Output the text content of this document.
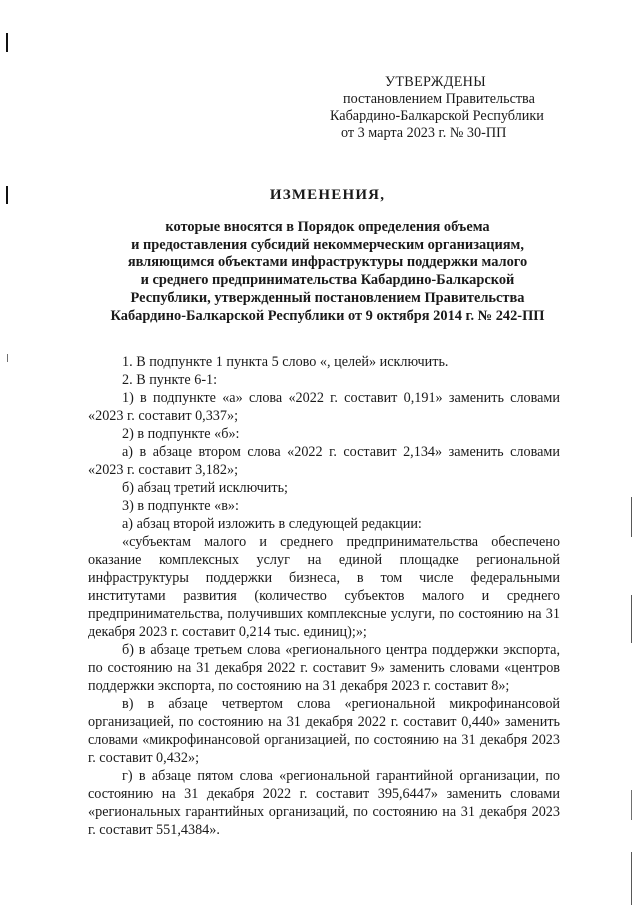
УТВЕРЖДЕНЫ
постановлением Правительства
Кабардино-Балкарской Республики
от 3 марта 2023 г. № 30-ПП
ИЗМЕНЕНИЯ,
которые вносятся в Порядок определения объема
и предоставления субсидий некоммерческим организациям,
являющимся объектами инфраструктуры поддержки малого
и среднего предпринимательства Кабардино-Балкарской
Республики, утвержденный постановлением Правительства
Кабардино-Балкарской Республики от 9 октября 2014 г. № 242-ПП
1. В подпункте 1 пункта 5 слово «, целей» исключить.
2. В пункте 6-1:
1) в подпункте «а» слова «2022 г. составит 0,191» заменить словами «2023 г. составит 0,337»;
2) в подпункте «б»:
а) в абзаце втором слова «2022 г. составит 2,134» заменить словами «2023 г. составит 3,182»;
б) абзац третий исключить;
3) в подпункте «в»:
а) абзац второй изложить в следующей редакции:
«субъектам малого и среднего предпринимательства обеспечено оказание комплексных услуг на единой площадке региональной инфраструктуры поддержки бизнеса, в том числе федеральными институтами развития (количество субъектов малого и среднего предпринимательства, получивших комплексные услуги, по состоянию на 31 декабря 2023 г. составит 0,214 тыс. единиц);»;
б) в абзаце третьем слова «регионального центра поддержки экспорта, по состоянию на 31 декабря 2022 г. составит 9» заменить словами «центров поддержки экспорта, по состоянию на 31 декабря 2023 г. составит 8»;
в) в абзаце четвертом слова «региональной микрофинансовой организацией, по состоянию на 31 декабря 2022 г. составит 0,440» заменить словами «микрофинансовой организацией, по состоянию на 31 декабря 2023 г. составит 0,432»;
г) в абзаце пятом слова «региональной гарантийной организации, по состоянию на 31 декабря 2022 г. составит 395,6447» заменить словами «региональных гарантийных организаций, по состоянию на 31 декабря 2023 г. составит 551,4384».
